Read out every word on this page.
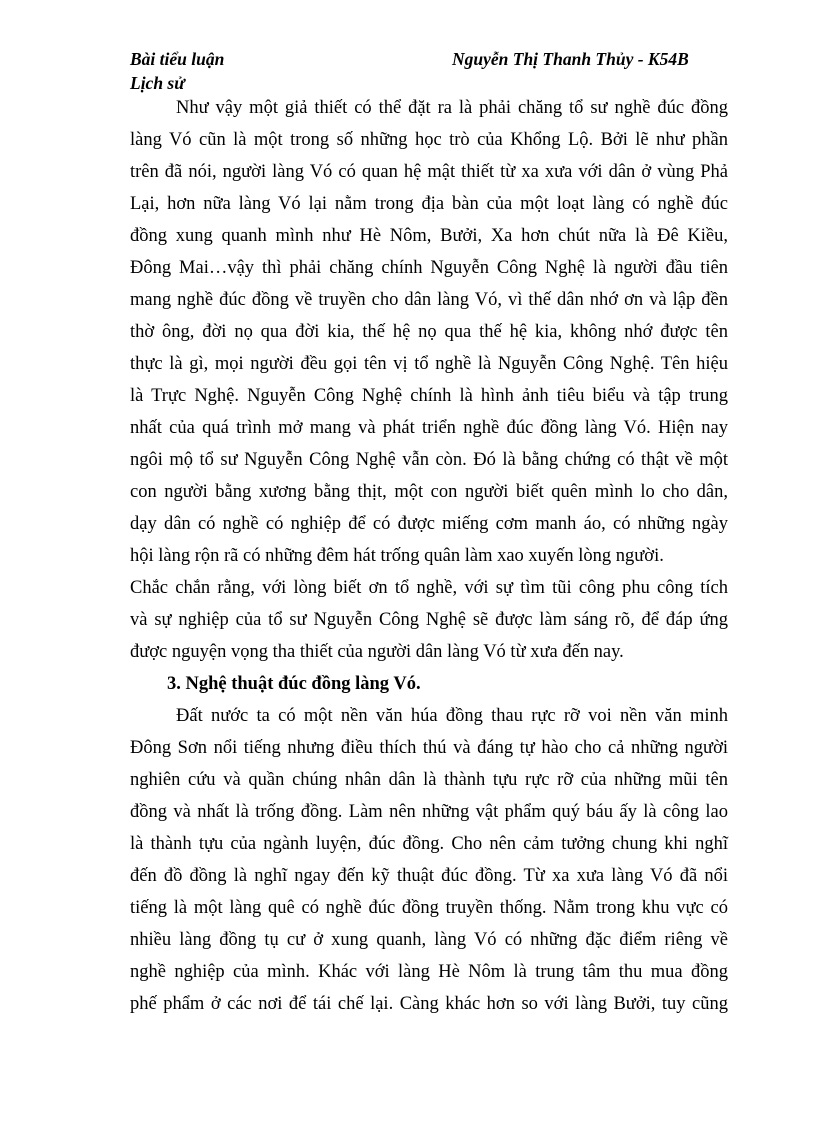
Bài tiểu luận	Nguyễn Thị Thanh Thủy - K54B
Lịch sử
Như vậy một giả thiết có thể đặt ra là phải chăng tổ sư nghề đúc đồng
làng Vó cũn là một trong số những học trò của Khổng Lộ. Bởi lẽ như phần
trên đã nói, người làng Vó có quan hệ mật thiết từ xa xưa với dân ở vùng Phả
Lại, hơn nữa làng Vó lại nằm trong địa bàn của một loạt làng có nghề đúc
đồng xung quanh mình như Hè Nôm, Bưởi, Xa hơn chút nữa là Đê Kiều,
Đông Mai…vậy thì phải chăng chính Nguyễn Công Nghệ là người đầu tiên
mang nghề đúc đồng về truyền cho dân làng Vó, vì thế dân nhớ ơn và lập đền
thờ ông, đời nọ qua đời kia, thế hệ nọ qua thế hệ kia, không nhớ được tên
thực là gì, mọi người đều gọi tên vị tổ nghề là Nguyễn Công Nghệ. Tên hiệu
là Trực Nghệ. Nguyễn Công Nghệ chính là hình ảnh tiêu biểu và tập trung
nhất của quá trình mở mang và phát triển nghề đúc đồng làng Vó. Hiện nay
ngôi mộ tổ sư Nguyễn Công Nghệ vẫn còn. Đó là bằng chứng có thật về một
con người bằng xương bằng thịt, một con người biết quên mình lo cho dân,
dạy dân có nghề có nghiệp để có được miếng cơm manh áo, có những ngày
hội làng rộn rã có những đêm hát trống quân làm xao xuyến lòng người.
Chắc chắn rằng, với lòng biết ơn tổ nghề, với sự tìm tũi công phu công tích
và sự nghiệp của tổ sư Nguyễn Công Nghệ sẽ được làm sáng rõ, để đáp ứng
được nguyện vọng tha thiết của người dân làng Vó từ xưa đến nay.
3. Nghệ thuật đúc đồng làng Vó.
Đất nước ta có một nền văn húa đồng thau rực rỡ voi nền văn minh
Đông Sơn nổi tiếng nhưng điều thích thú và đáng tự hào cho cả những người
nghiên cứu và quần chúng nhân dân là thành tựu rực rỡ của những mũi tên
đồng và nhất là trống đồng. Làm nên những vật phẩm quý báu ấy là công lao
là thành tựu của ngành luyện, đúc đồng. Cho nên cảm tưởng chung khi nghĩ
đến đồ đồng là nghĩ ngay đến kỹ thuật đúc đồng. Từ xa xưa làng Vó đã nổi
tiếng là một làng quê có nghề đúc đồng truyền thống. Nằm trong khu vực có
nhiều làng đồng tụ cư ở xung quanh, làng Vó có những đặc điểm riêng về
nghề nghiệp của mình. Khác với làng Hè Nôm là trung tâm thu mua đồng
phế phẩm ở các nơi để tái chế lại. Càng khác hơn so với làng Bưởi, tuy cũng
